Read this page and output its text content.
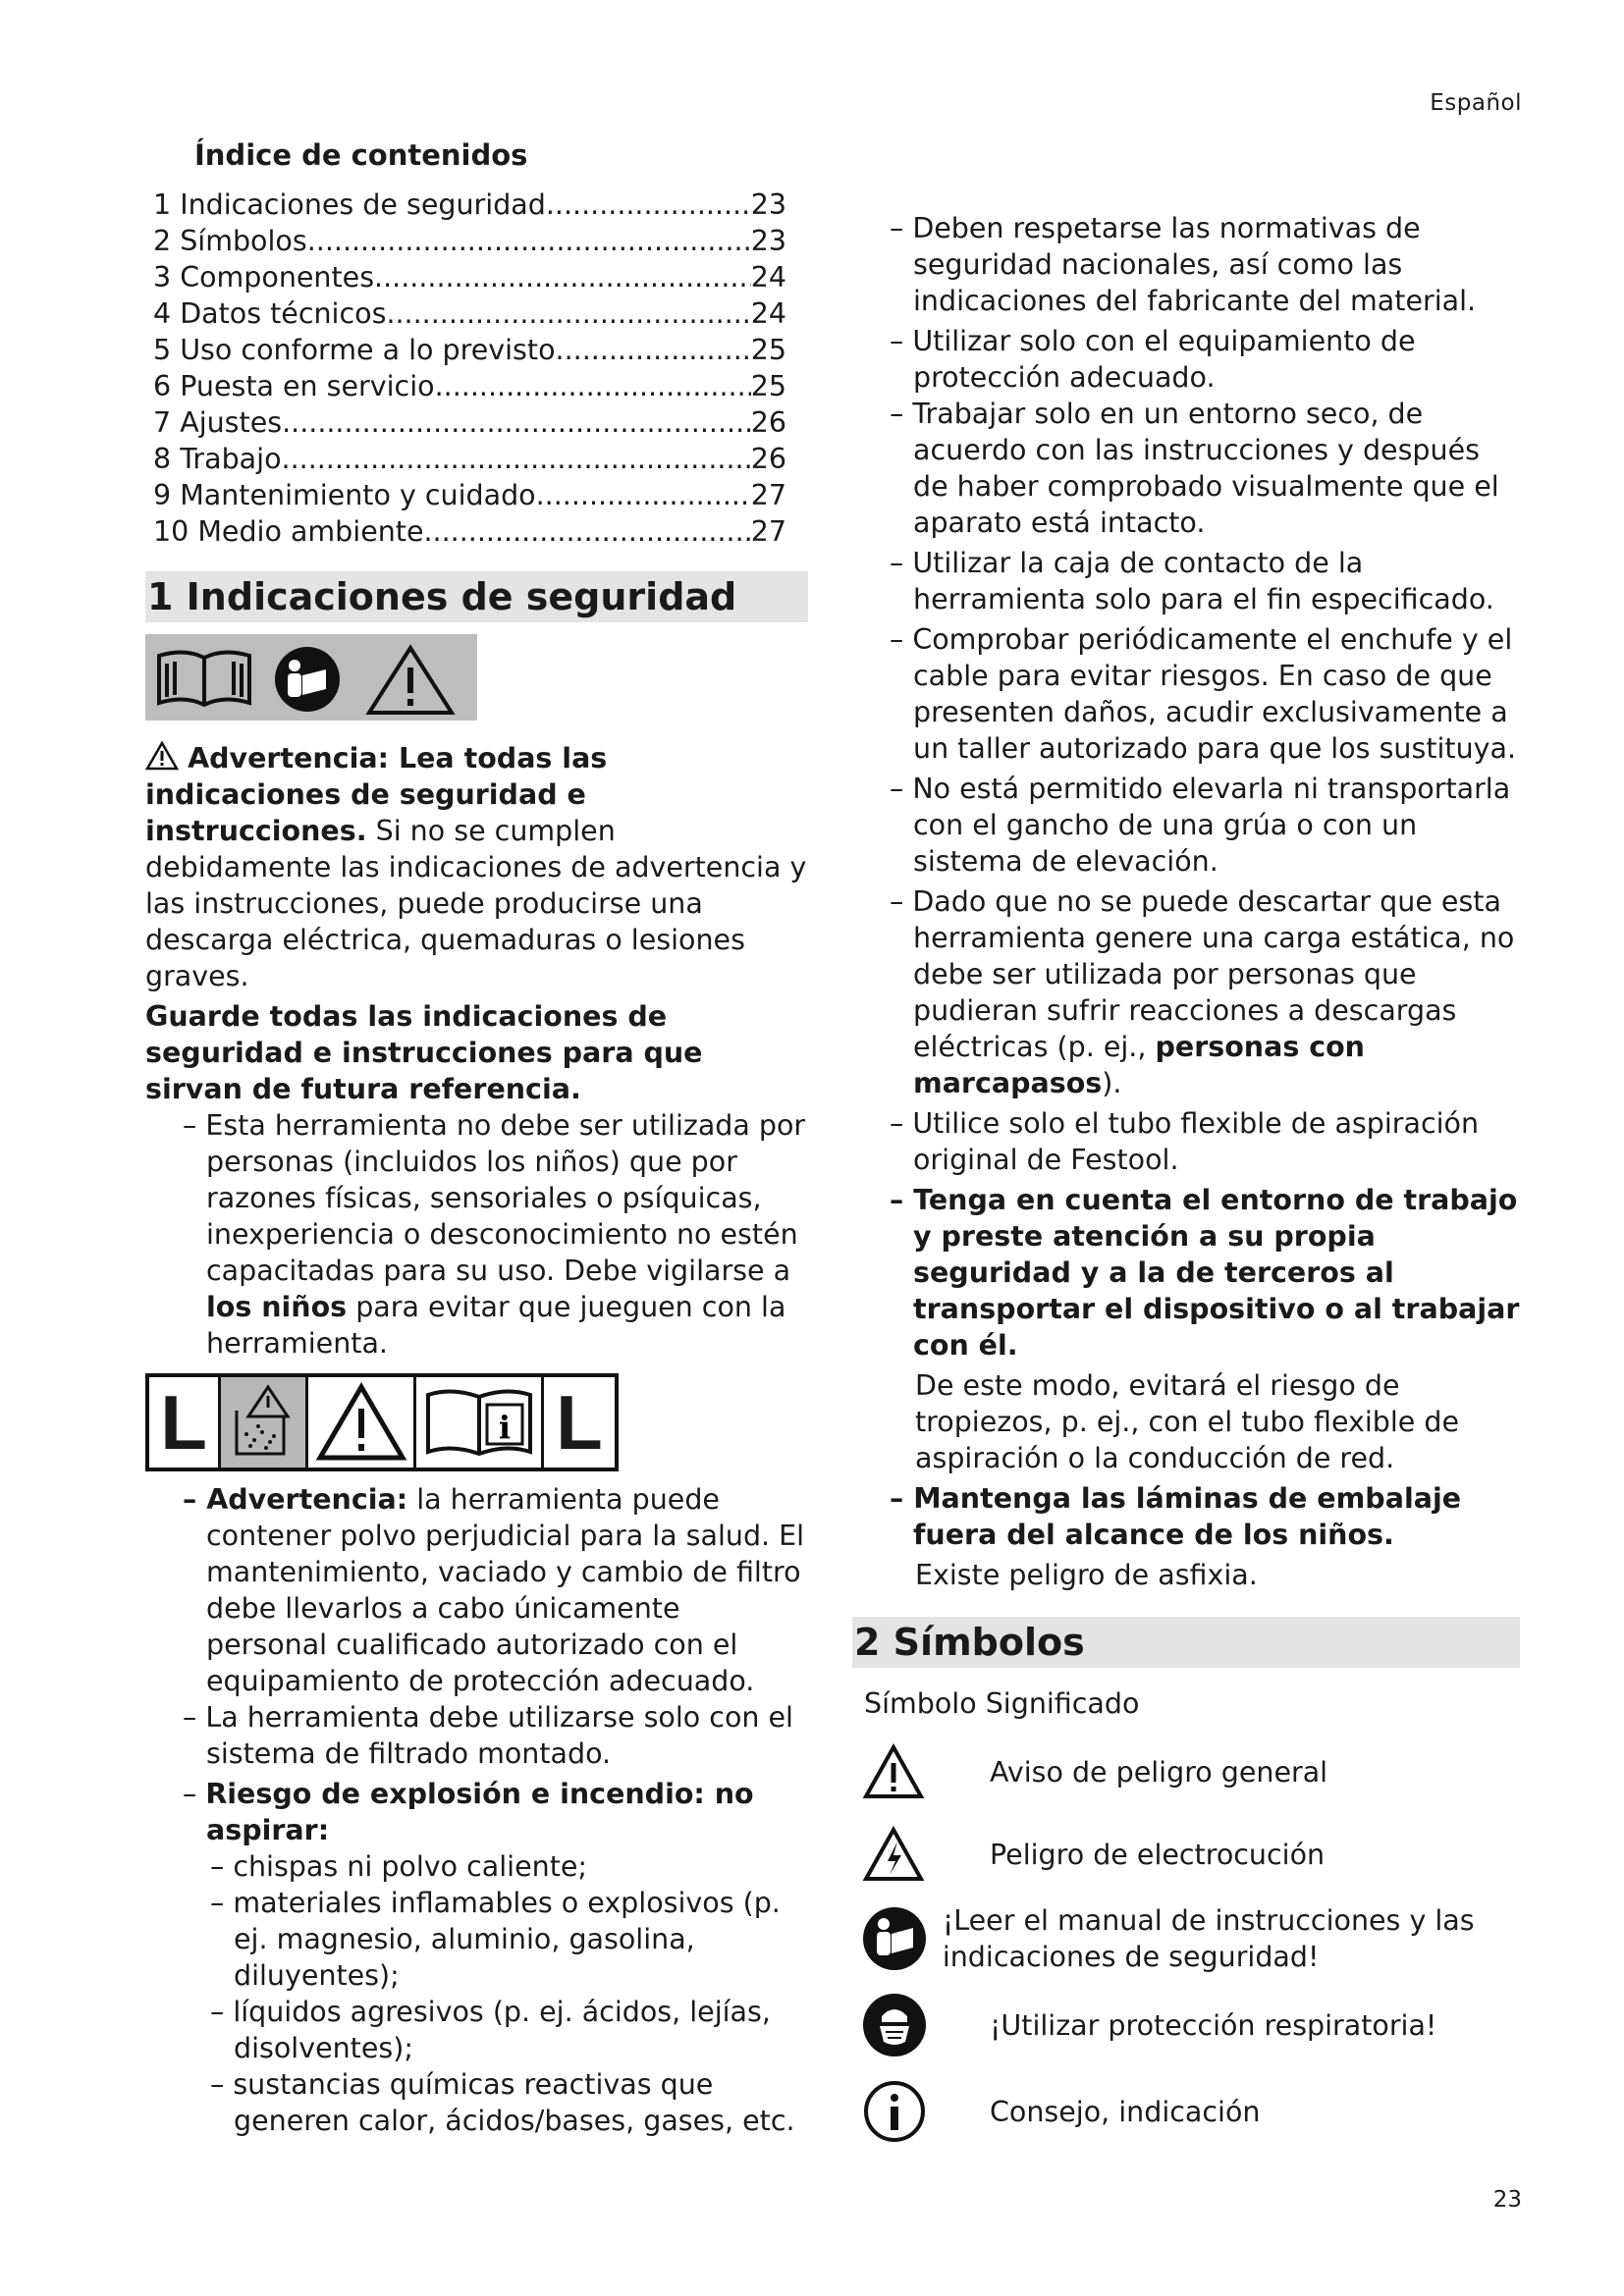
Español
Índice de contenidos
1 Indicaciones de seguridad .....	23
2 Símbolos .....	23
3 Componentes .....	24
4 Datos técnicos .....	24
5 Uso conforme a lo previsto .....	25
6 Puesta en servicio .....	25
7 Ajustes .....	26
8 Trabajo .....	26
9 Mantenimiento y cuidado .....	27
10 Medio ambiente .....	27
1 Indicaciones de seguridad
Advertencia: Lea todas las indicaciones de seguridad e instrucciones. Si no se cumplen debidamente las indicaciones de advertencia y las instrucciones, puede producirse una descarga eléctrica, quemaduras o lesiones graves.
Guarde todas las indicaciones de seguridad e instrucciones para que sirvan de futura referencia.
– Esta herramienta no debe ser utilizada por personas (incluidos los niños) que por razones físicas, sensoriales o psíquicas, inexperiencia o desconocimiento no estén capacitadas para su uso. Debe vigilarse a los niños para evitar que jueguen con la herramienta.
L	i L
– Advertencia: la herramienta puede contener polvo perjudicial para la salud. El mantenimiento, vaciado y cambio de filtro debe llevarlos a cabo únicamente personal cualificado autorizado con el equipamiento de protección adecuado.
– La herramienta debe utilizarse solo con el sistema de filtrado montado.
– Riesgo de explosión e incendio: no aspirar:
– chispas ni polvo caliente;
– materiales inflamables o explosivos (p. ej. magnesio, aluminio, gasolina, diluyentes);
– líquidos agresivos (p. ej. ácidos, lejías, disolventes);
– sustancias químicas reactivas que generen calor, ácidos/bases, gases, etc.
– Deben respetarse las normativas de seguridad nacionales, así como las indicaciones del fabricante del material.
– Utilizar solo con el equipamiento de protección adecuado.
– Trabajar solo en un entorno seco, de acuerdo con las instrucciones y después de haber comprobado visualmente que el aparato está intacto.
– Utilizar la caja de contacto de la herramienta solo para el fin especificado.
– Comprobar periódicamente el enchufe y el cable para evitar riesgos. En caso de que presenten daños, acudir exclusivamente a un taller autorizado para que los sustituya.
– No está permitido elevarla ni transportarla con el gancho de una grúa o con un sistema de elevación.
– Dado que no se puede descartar que esta herramienta genere una carga estática, no debe ser utilizada por personas que pudieran sufrir reacciones a descargas eléctricas (p. ej., personas con marcapasos).
– Utilice solo el tubo flexible de aspiración original de Festool.
– Tenga en cuenta el entorno de trabajo y preste atención a su propia seguridad y a la de terceros al transportar el dispositivo o al trabajar con él.
De este modo, evitará el riesgo de tropiezos, p. ej., con el tubo flexible de aspiración o la conducción de red.
– Mantenga las láminas de embalaje fuera del alcance de los niños.
Existe peligro de asfixia.
2 Símbolos
Símbolo Significado
Aviso de peligro general
Peligro de electrocución
¡Leer el manual de instrucciones y las indicaciones de seguridad!
¡Utilizar protección respiratoria!
Consejo, indicación
23
